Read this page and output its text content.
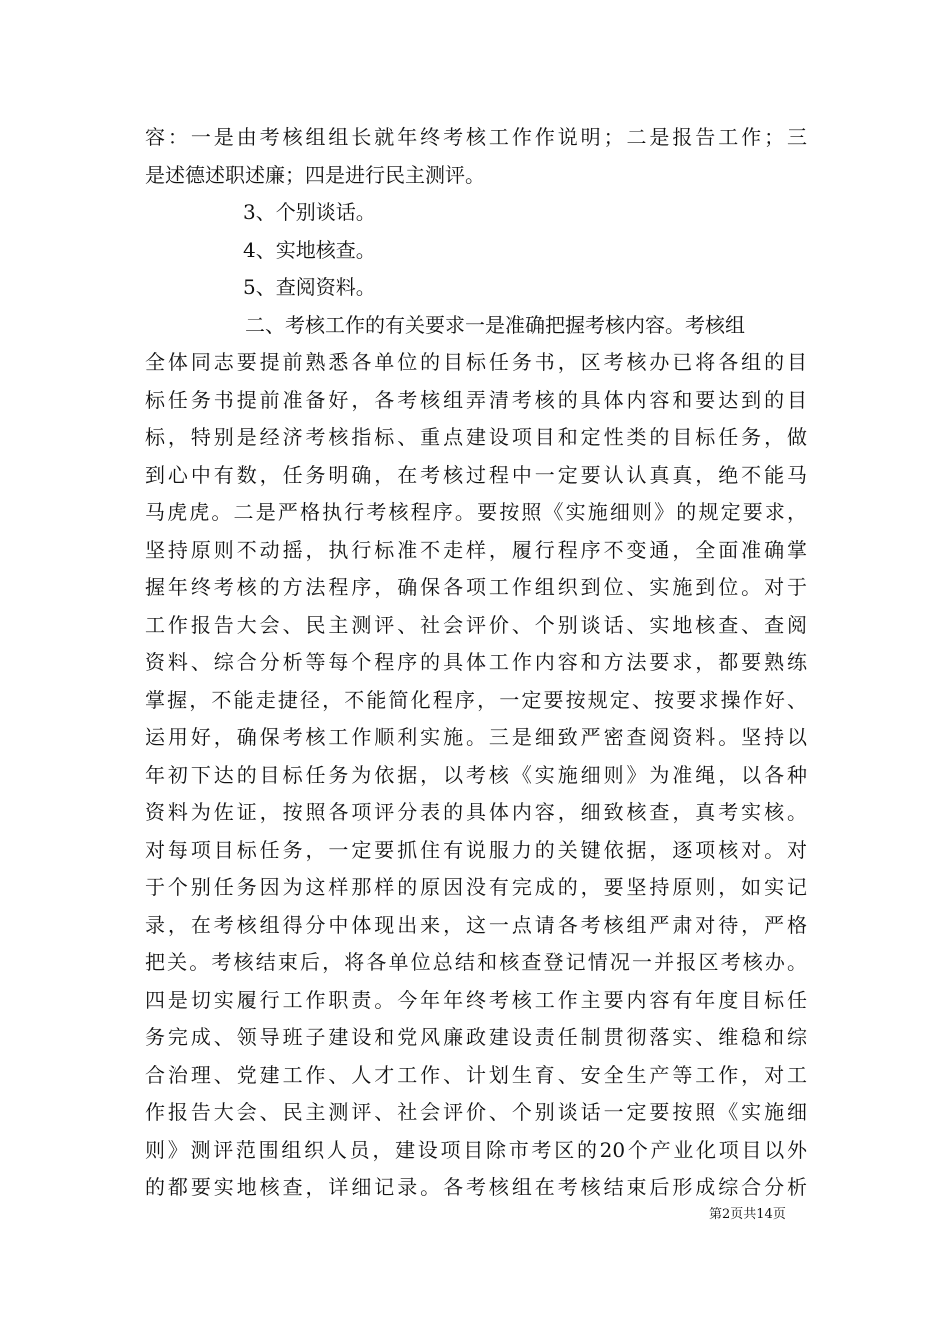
容：一是由考核组组长就年终考核工作作说明；二是报告工作；三
是述德述职述廉；四是进行民主测评。
3、个别谈话。
4、实地核查。
5、查阅资料。
二、考核工作的有关要求一是准确把握考核内容。考核组
全体同志要提前熟悉各单位的目标任务书，区考核办已将各组的目
标任务书提前准备好，各考核组弄清考核的具体内容和要达到的目
标，特别是经济考核指标、重点建设项目和定性类的目标任务，做
到心中有数，任务明确，在考核过程中一定要认认真真，绝不能马
马虎虎。二是严格执行考核程序。要按照《实施细则》的规定要求，
坚持原则不动摇，执行标准不走样，履行程序不变通，全面准确掌
握年终考核的方法程序，确保各项工作组织到位、实施到位。对于
工作报告大会、民主测评、社会评价、个别谈话、实地核查、查阅
资料、综合分析等每个程序的具体工作内容和方法要求，都要熟练
掌握，不能走捷径，不能简化程序，一定要按规定、按要求操作好、
运用好，确保考核工作顺利实施。三是细致严密查阅资料。坚持以
年初下达的目标任务为依据，以考核《实施细则》为准绳，以各种
资料为佐证，按照各项评分表的具体内容，细致核查，真考实核。
对每项目标任务，一定要抓住有说服力的关键依据，逐项核对。对
于个别任务因为这样那样的原因没有完成的，要坚持原则，如实记
录，在考核组得分中体现出来，这一点请各考核组严肃对待，严格
把关。考核结束后，将各单位总结和核查登记情况一并报区考核办。
四是切实履行工作职责。今年年终考核工作主要内容有年度目标任
务完成、领导班子建设和党风廉政建设责任制贯彻落实、维稳和综
合治理、党建工作、人才工作、计划生育、安全生产等工作，对工
作报告大会、民主测评、社会评价、个别谈话一定要按照《实施细
则》测评范围组织人员，建设项目除市考区的20个产业化项目以外
的都要实地核查，详细记录。各考核组在考核结束后形成综合分析
第2页共14页
